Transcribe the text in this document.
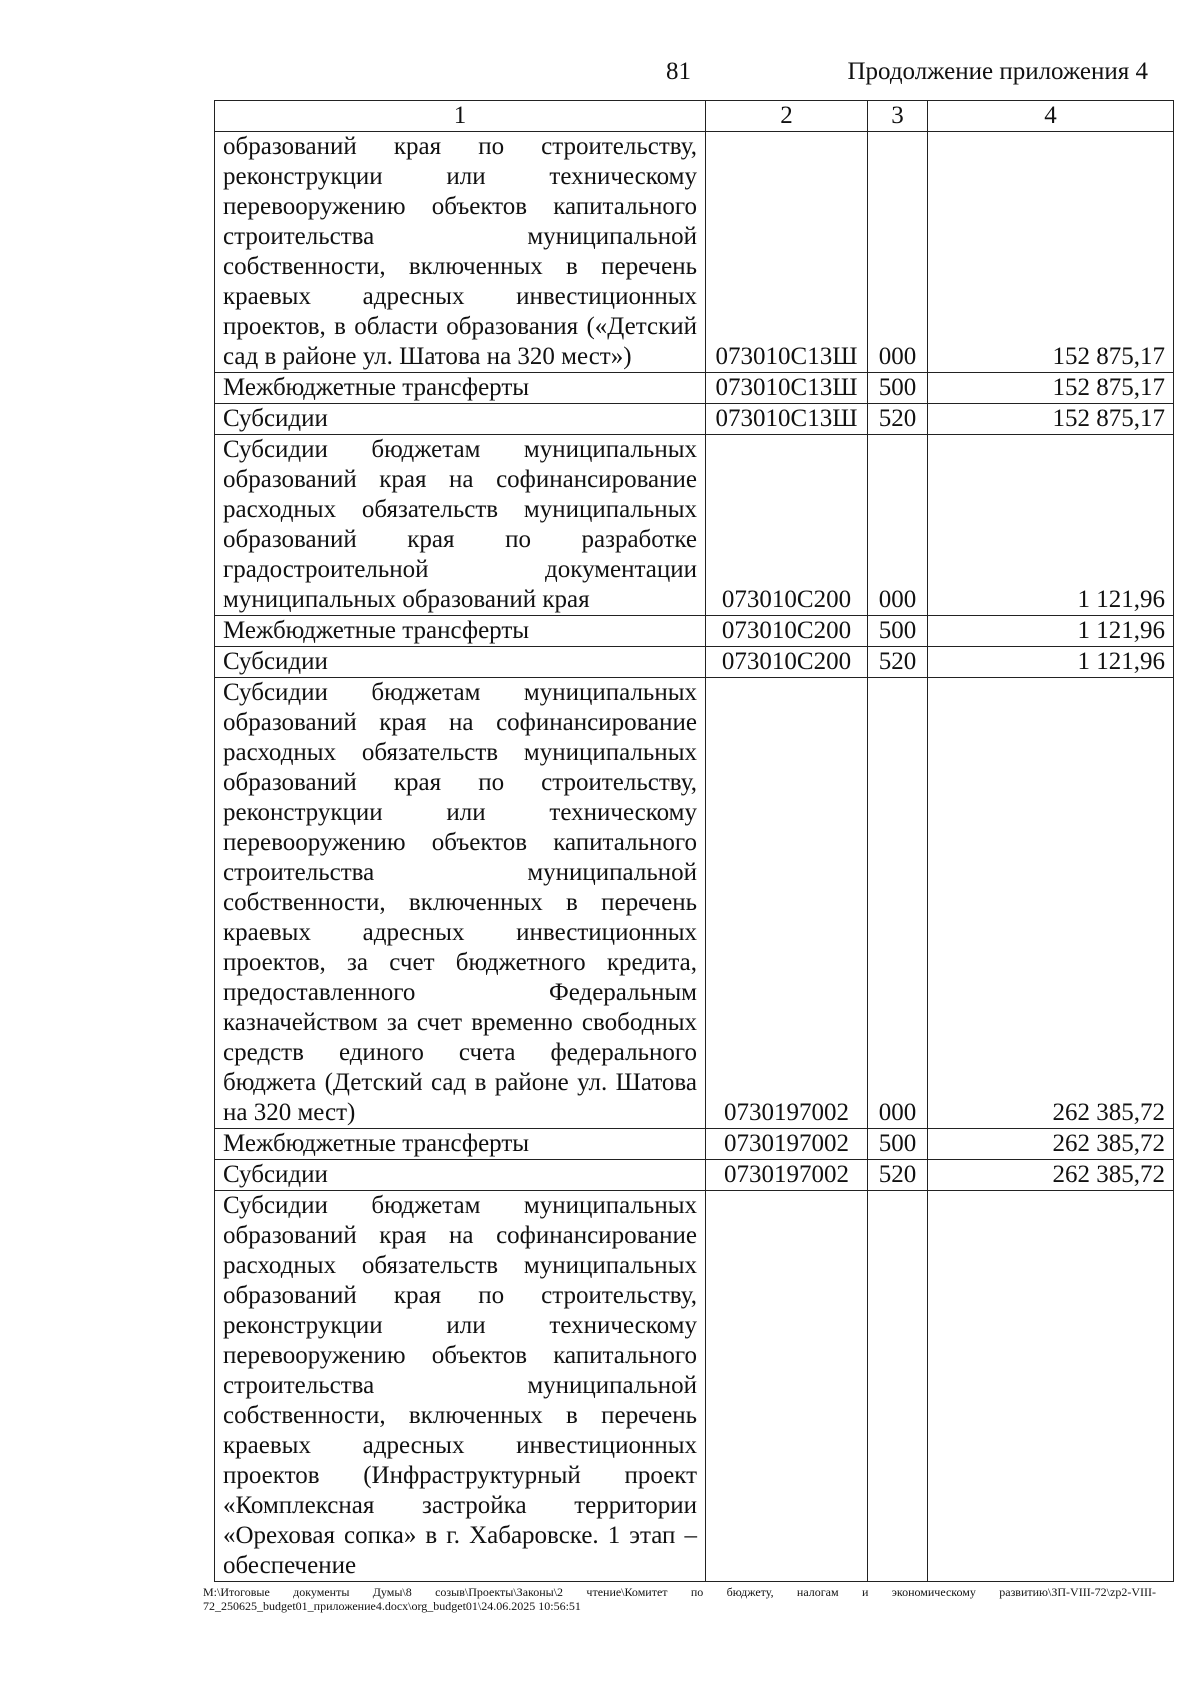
81	Продолжение приложения 4
1	2	3	4
образований края по строительству, реконструкции или техническому перевооружению объектов капитального строительства муниципальной собственности, включенных в перечень краевых адресных инвестиционных проектов, в области образования («Детский сад в районе ул. Шатова на 320 мест»)	073010С13Ш	000	152 875,17
Межбюджетные трансферты	073010С13Ш	500	152 875,17
Субсидии	073010С13Ш	520	152 875,17
Субсидии бюджетам муниципальных образований края на софинансирование расходных обязательств муниципальных образований края по разработке градостроительной документации муниципальных образований края	073010С200	000	1 121,96
Межбюджетные трансферты	073010С200	500	1 121,96
Субсидии	073010С200	520	1 121,96
Субсидии бюджетам муниципальных образований края на софинансирование расходных обязательств муниципальных образований края по строительству, реконструкции или техническому перевооружению объектов капитального строительства муниципальной собственности, включенных в перечень краевых адресных инвестиционных проектов, за счет бюджетного кредита, предоставленного Федеральным казначейством за счет временно свободных средств единого счета федерального бюджета (Детский сад в районе ул. Шатова на 320 мест)	0730197002	000	262 385,72
Межбюджетные трансферты	0730197002	500	262 385,72
Субсидии	0730197002	520	262 385,72
Субсидии бюджетам муниципальных образований края на софинансирование расходных обязательств муниципальных образований края по строительству, реконструкции или техническому перевооружению объектов капитального строительства муниципальной собственности, включенных в перечень краевых адресных инвестиционных проектов (Инфраструктурный проект «Комплексная застройка территории «Ореховая сопка» в г. Хабаровске. 1 этап – обеспечение			
M:\Итоговые документы Думы\8 созыв\Проекты\Законы\2 чтение\Комитет по бюджету, налогам и экономическому развитию\ЗП-VIII-72\zp2-VIII-72_250625_budget01_приложение4.docx\org_budget01\24.06.2025 10:56:51
